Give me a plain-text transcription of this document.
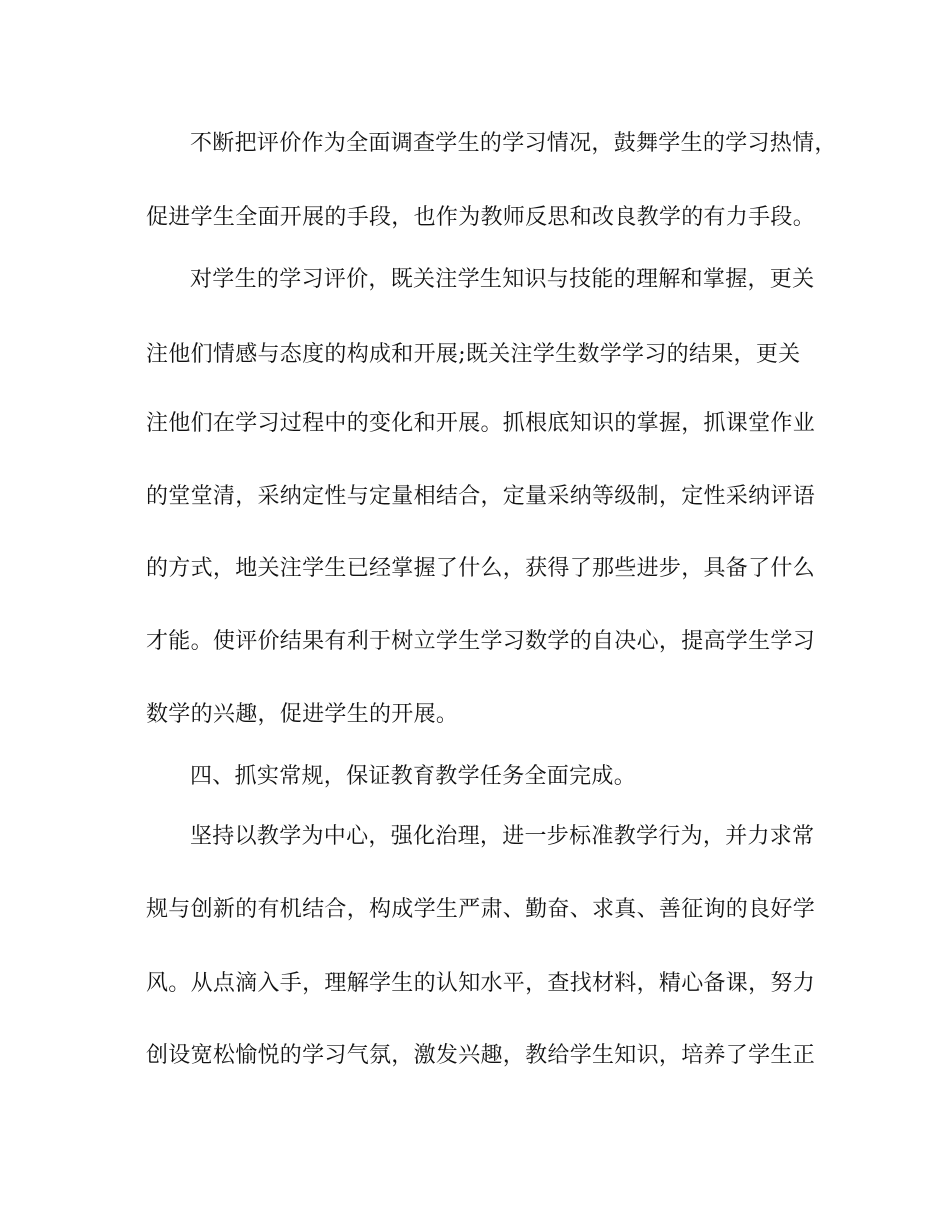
不断把评价作为全面调查学生的学习情况，鼓舞学生的学习热情，
促进学生全面开展的手段，也作为教师反思和改良教学的有力手段。
对学生的学习评价，既关注学生知识与技能的理解和掌握，更关
注他们情感与态度的构成和开展;既关注学生数学学习的结果，更关
注他们在学习过程中的变化和开展。抓根底知识的掌握，抓课堂作业
的堂堂清，采纳定性与定量相结合，定量采纳等级制，定性采纳评语
的方式，地关注学生已经掌握了什么，获得了那些进步，具备了什么
才能。使评价结果有利于树立学生学习数学的自决心，提高学生学习
数学的兴趣，促进学生的开展。
四、抓实常规，保证教育教学任务全面完成。
坚持以教学为中心，强化治理，进一步标准教学行为，并力求常
规与创新的有机结合，构成学生严肃、勤奋、求真、善征询的良好学
风。从点滴入手，理解学生的认知水平，查找材料，精心备课，努力
创设宽松愉悦的学习气氛，激发兴趣，教给学生知识，培养了学生正
